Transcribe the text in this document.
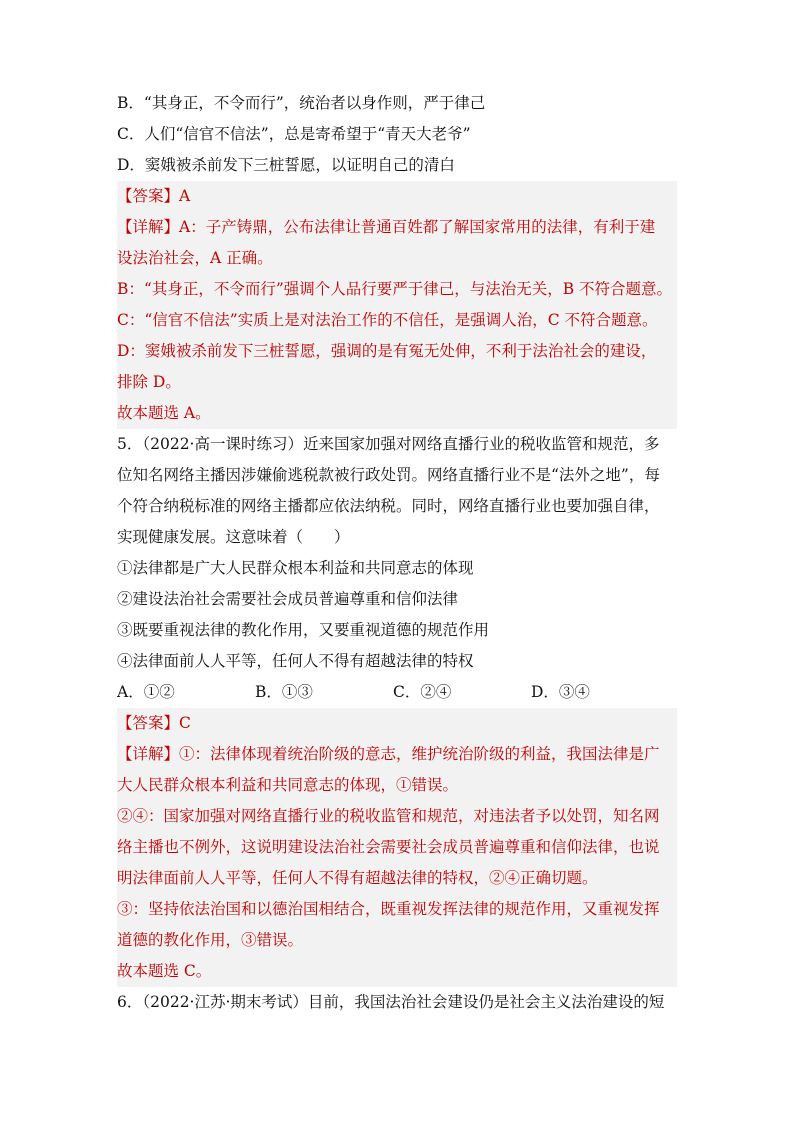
B．“其身正，不令而行”，统治者以身作则，严于律己
C．人们“信官不信法”，总是寄希望于“青天大老爷”
D．窦娥被杀前发下三桩誓愿，以证明自己的清白
【答案】A
【详解】A：子产铸鼎，公布法律让普通百姓都了解国家常用的法律，有利于建
设法治社会，A 正确。
B：“其身正，不令而行”强调个人品行要严于律己，与法治无关，B 不符合题意。
C：“信官不信法”实质上是对法治工作的不信任，是强调人治，C 不符合题意。
D：窦娥被杀前发下三桩誓愿，强调的是有冤无处伸，不利于法治社会的建设，
排除 D。
故本题选 A。
5．（2022·高一课时练习）近来国家加强对网络直播行业的税收监管和规范，多
位知名网络主播因涉嫌偷逃税款被行政处罚。网络直播行业不是“法外之地”，每
个符合纳税标准的网络主播都应依法纳税。同时，网络直播行业也要加强自律，
实现健康发展。这意味着（　　）
①法律都是广大人民群众根本利益和共同意志的体现
②建设法治社会需要社会成员普遍尊重和信仰法律
③既要重视法律的教化作用，又要重视道德的规范作用
④法律面前人人平等，任何人不得有超越法律的特权
A．①②	B．①③	C．②④	D．③④
【答案】C
【详解】①：法律体现着统治阶级的意志，维护统治阶级的利益，我国法律是广
大人民群众根本利益和共同意志的体现，①错误。
②④：国家加强对网络直播行业的税收监管和规范，对违法者予以处罚，知名网
络主播也不例外，这说明建设法治社会需要社会成员普遍尊重和信仰法律，也说
明法律面前人人平等，任何人不得有超越法律的特权，②④正确切题。
③：坚持依法治国和以德治国相结合，既重视发挥法律的规范作用，又重视发挥
道德的教化作用，③错误。
故本题选 C。
6．（2022·江苏·期末考试）目前，我国法治社会建设仍是社会主义法治建设的短
